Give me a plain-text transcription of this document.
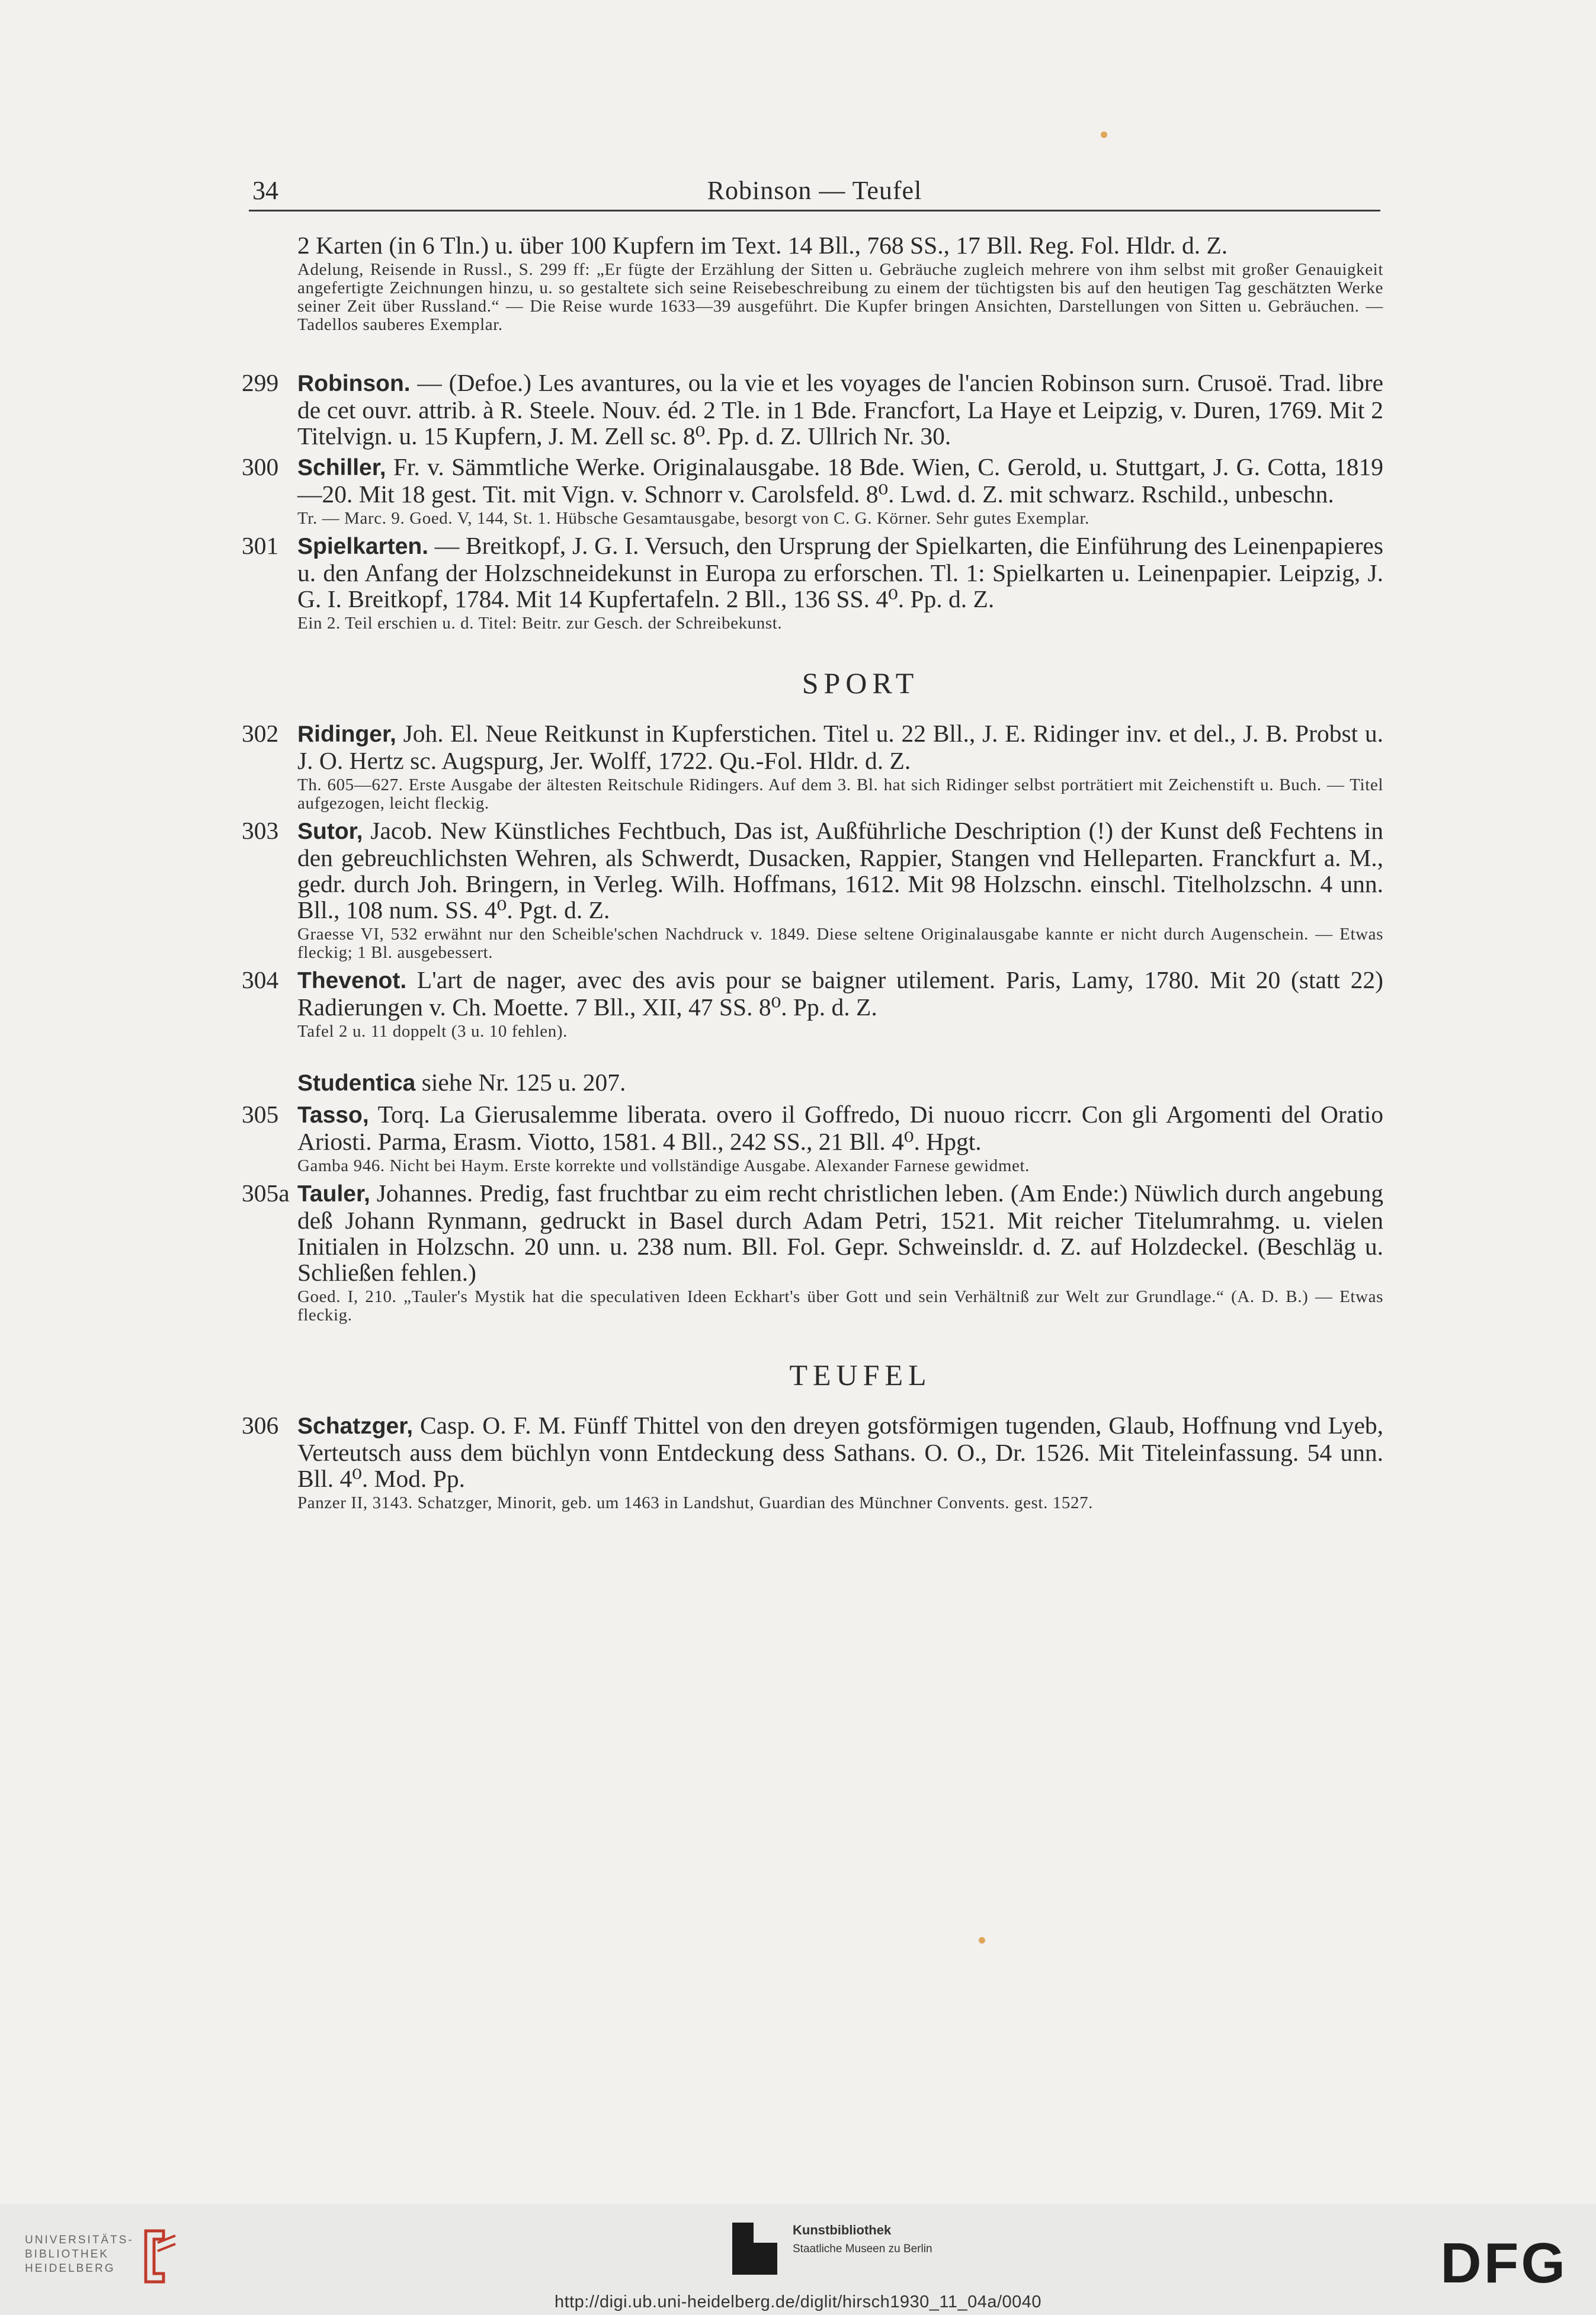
34	Robinson — Teufel
2 Karten (in 6 Tln.) u. über 100 Kupfern im Text. 14 Bll., 768 SS., 17 Bll. Reg. Fol. Hldr. d. Z.
Adelung, Reisende in Russl., S. 299 ff: „Er fügte der Erzählung der Sitten u. Gebräuche zugleich mehrere von ihm selbst mit großer Genauigkeit angefertigte Zeichnungen hinzu, u. so gestaltete sich seine Reisebeschreibung zu einem der tüchtigsten bis auf den heutigen Tag geschätzten Werke seiner Zeit über Russland.“ — Die Reise wurde 1633—39 ausgeführt. Die Kupfer bringen Ansichten, Darstellungen von Sitten u. Gebräuchen. — Tadellos sauberes Exemplar.
299 Robinson. — (Defoe.) Les avantures, ou la vie et les voyages de l'ancien Robinson surn. Crusoë. Trad. libre de cet ouvr. attrib. à R. Steele. Nouv. éd. 2 Tle. in 1 Bde. Francfort, La Haye et Leipzig, v. Duren, 1769. Mit 2 Titelvign. u. 15 Kupfern, J. M. Zell sc. 8⁰. Pp. d. Z. Ullrich Nr. 30.
300 Schiller, Fr. v. Sämmtliche Werke. Originalausgabe. 18 Bde. Wien, C. Gerold, u. Stuttgart, J. G. Cotta, 1819—20. Mit 18 gest. Tit. mit Vign. v. Schnorr v. Carolsfeld. 8⁰. Lwd. d. Z. mit schwarz. Rschild., unbeschn.
Tr. — Marc. 9. Goed. V, 144, St. 1. Hübsche Gesamtausgabe, besorgt von C. G. Körner. Sehr gutes Exemplar.
301 Spielkarten. — Breitkopf, J. G. I. Versuch, den Ursprung der Spielkarten, die Einführung des Leinenpapieres u. den Anfang der Holzschneidekunst in Europa zu erforschen. Tl. 1: Spielkarten u. Leinenpapier. Leipzig, J. G. I. Breitkopf, 1784. Mit 14 Kupfertafeln. 2 Bll., 136 SS. 4⁰. Pp. d. Z.
Ein 2. Teil erschien u. d. Titel: Beitr. zur Gesch. der Schreibekunst.
SPORT
302 Ridinger, Joh. El. Neue Reitkunst in Kupferstichen. Titel u. 22 Bll., J. E. Ridinger inv. et del., J. B. Probst u. J. O. Hertz sc. Augspurg, Jer. Wolff, 1722. Qu.-Fol. Hldr. d. Z.
Th. 605—627. Erste Ausgabe der ältesten Reitschule Ridingers. Auf dem 3. Bl. hat sich Ridinger selbst porträtiert mit Zeichenstift u. Buch. — Titel aufgezogen, leicht fleckig.
303 Sutor, Jacob. New Künstliches Fechtbuch, Das ist, Außführliche Deschription (!) der Kunst deß Fechtens in den gebreuchlichsten Wehren, als Schwerdt, Dusacken, Rappier, Stangen vnd Helleparten. Franckfurt a. M., gedr. durch Joh. Bringern, in Verleg. Wilh. Hoffmans, 1612. Mit 98 Holzschn. einschl. Titelholzschn. 4 unn. Bll., 108 num. SS. 4⁰. Pgt. d. Z.
Graesse VI, 532 erwähnt nur den Scheible'schen Nachdruck v. 1849. Diese seltene Originalausgabe kannte er nicht durch Augenschein. — Etwas fleckig; 1 Bl. ausgebessert.
304 Thevenot. L'art de nager, avec des avis pour se baigner utilement. Paris, Lamy, 1780. Mit 20 (statt 22) Radierungen v. Ch. Moette. 7 Bll., XII, 47 SS. 8⁰. Pp. d. Z.
Tafel 2 u. 11 doppelt (3 u. 10 fehlen).
Studentica siehe Nr. 125 u. 207.
305 Tasso, Torq. La Gierusalemme liberata. overo il Goffredo, Di nuouo riccrr. Con gli Argomenti del Oratio Ariosti. Parma, Erasm. Viotto, 1581. 4 Bll., 242 SS., 21 Bll. 4⁰. Hpgt.
Gamba 946. Nicht bei Haym. Erste korrekte und vollständige Ausgabe. Alexander Farnese gewidmet.
305a Tauler, Johannes. Predig, fast fruchtbar zu eim recht christlichen leben. (Am Ende:) Nüwlich durch angebung deß Johann Rynmann, gedruckt in Basel durch Adam Petri, 1521. Mit reicher Titelumrahmg. u. vielen Initialen in Holzschn. 20 unn. u. 238 num. Bll. Fol. Gepr. Schweinsldr. d. Z. auf Holzdeckel. (Beschläg u. Schließen fehlen.)
Goed. I, 210. „Tauler's Mystik hat die speculativen Ideen Eckhart's über Gott und sein Verhältniß zur Welt zur Grundlage.“ (A. D. B.) — Etwas fleckig.
TEUFEL
306 Schatzger, Casp. O. F. M. Fünff Thittel von den dreyen gotsförmigen tugenden, Glaub, Hoffnung vnd Lyeb, Verteutsch auss dem büchlyn vonn Entdeckung dess Sathans. O. O., Dr. 1526. Mit Titeleinfassung. 54 unn. Bll. 4⁰. Mod. Pp.
Panzer II, 3143. Schatzger, Minorit, geb. um 1463 in Landshut, Guardian des Münchner Convents. gest. 1527.
UNIVERSITÄTS-
BIBLIOTHEK
HEIDELBERG
Kunstbibliothek
Staatliche Museen zu Berlin	DFG
http://digi.ub.uni-heidelberg.de/diglit/hirsch1930_11_04a/0040
